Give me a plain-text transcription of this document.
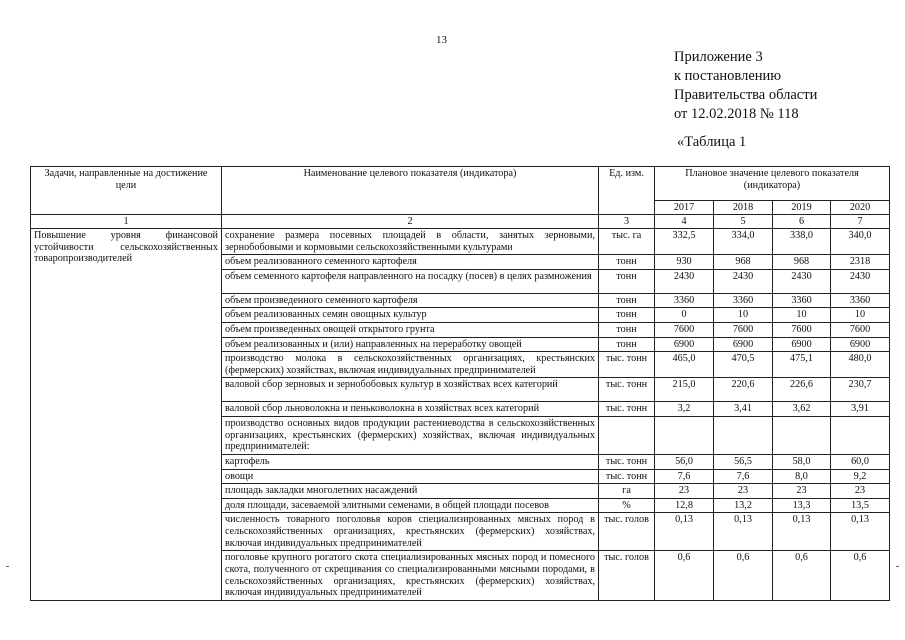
13
Приложение 3
к постановлению
Правительства области
от 12.02.2018 № 118
«Таблица 1
Задачи, направленные на достижение цели	Наименование целевого показателя (индикатора)	Ед. изм.	Плановое значение целевого показателя (индикатора)			
			2017	2018	2019	2020
1	2	3	4	5	6	7
Повышение уровня финансовой устойчивости сельскохозяйственных товаропроизводителей	сохранение размера посевных площадей в области, занятых зерновыми, зернобобовыми и кормовыми сельскохозяйственными культурами	тыс. га	332,5	334,0	338,0	340,0
	объем реализованного семенного картофеля	тонн	930	968	968	2318
	объем семенного картофеля направленного на посадку (посев) в целях размножения	тонн	2430	2430	2430	2430
	объем произведенного семенного картофеля	тонн	3360	3360	3360	3360
	объем реализованных семян овощных культур	тонн	0	10	10	10
	объем произведенных овощей открытого грунта	тонн	7600	7600	7600	7600
	объем реализованных и (или) направленных на переработку овощей	тонн	6900	6900	6900	6900
	производство молока в сельскохозяйственных организациях, крестьянских (фермерских) хозяйствах, включая индивидуальных предпринимателей	тыс. тонн	465,0	470,5	475,1	480,0
	валовой сбор зерновых и зернобобовых культур в хозяйствах всех категорий	тыс. тонн	215,0	220,6	226,6	230,7
	валовой сбор льноволокна и пеньковолокна в хозяйствах всех категорий	тыс. тонн	3,2	3,41	3,62	3,91
	производство основных видов продукции растениеводства в сельскохозяйственных организациях, крестьянских (фермерских) хозяйствах, включая индивидуальных предпринимателей:					
	картофель	тыс. тонн	56,0	56,5	58,0	60,0
	овощи	тыс. тонн	7,6	7,6	8,0	9,2
	площадь закладки многолетних насаждений	га	23	23	23	23
	доля площади, засеваемой элитными семенами, в общей площади посевов	%	12,8	13,2	13,3	13,5
	численность товарного поголовья коров специализированных мясных пород в сельскохозяйственных организациях, крестьянских (фермерских) хозяйствах, включая индивидуальных предпринимателей	тыс. голов	0,13	0,13	0,13	0,13
	поголовье крупного рогатого скота специализированных мясных пород и помесного скота, полученного от скрещивания со специализированными мясными породами, в сельскохозяйственных организациях, крестьянских (фермерских) хозяйствах, включая индивидуальных предпринимателей	тыс. голов	0,6	0,6	0,6	0,6
